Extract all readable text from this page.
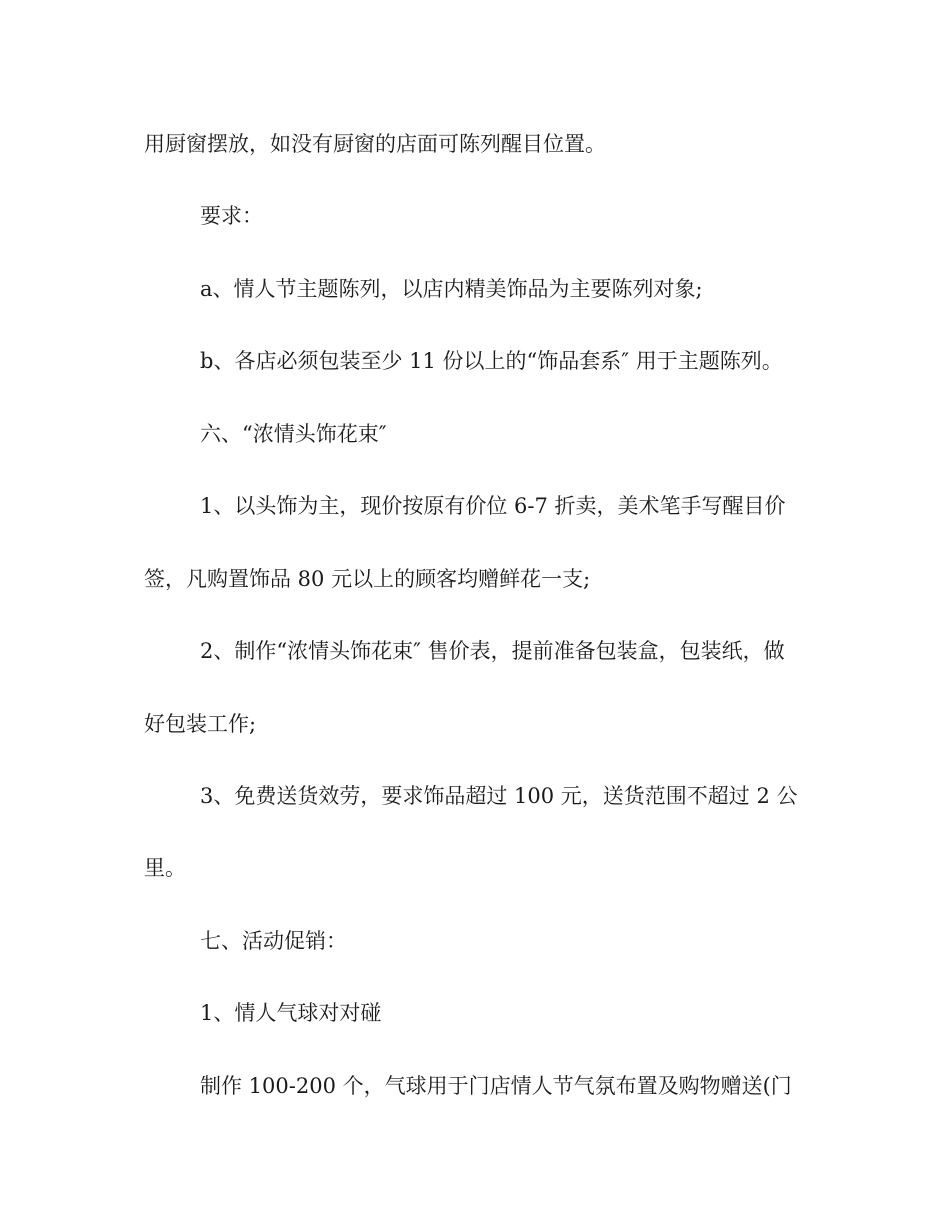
用厨窗摆放，如没有厨窗的店面可陈列醒目位置。
要求：
a、情人节主题陈列，以店内精美饰品为主要陈列对象;
b、各店必须包装至少 11 份以上的“饰品套系″ 用于主题陈列。
六、“浓情头饰花束″
1、以头饰为主，现价按原有价位 6-7 折卖，美术笔手写醒目价
签，凡购置饰品 80 元以上的顾客均赠鲜花一支;
2、制作“浓情头饰花束″ 售价表，提前准备包装盒，包装纸，做
好包装工作;
3、免费送货效劳，要求饰品超过 100 元，送货范围不超过 2 公
里。
七、活动促销：
1、情人气球对对碰
制作 100-200 个，气球用于门店情人节气氛布置及购物赠送(门
